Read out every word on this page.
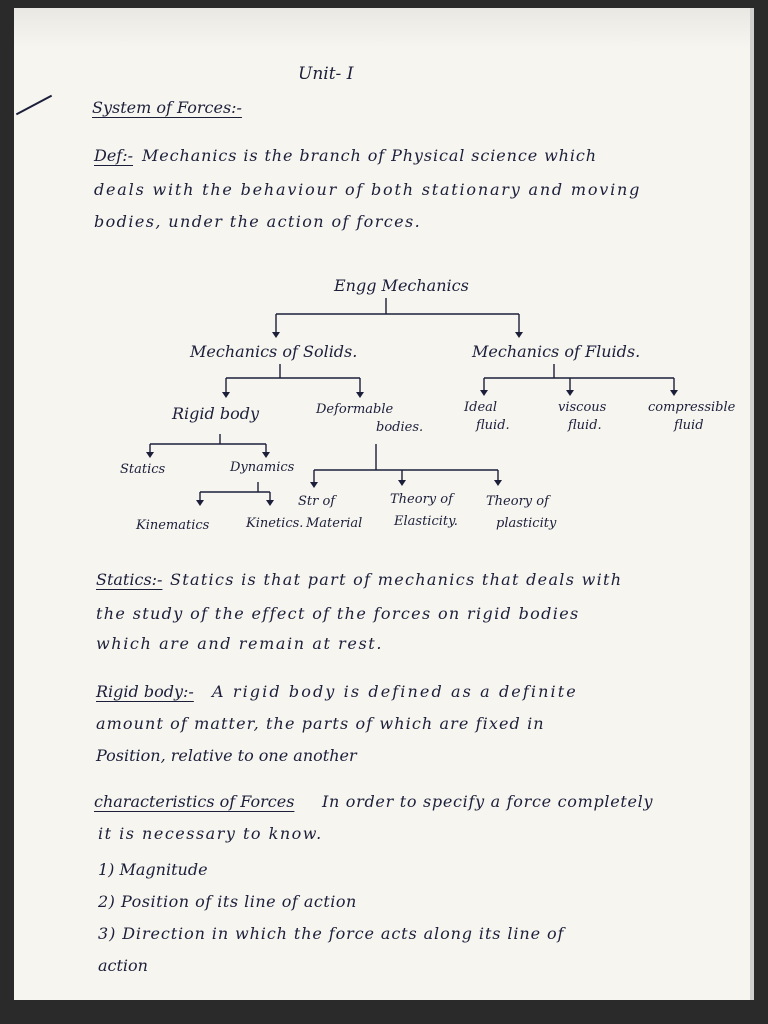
Unit- I
System of Forces:-
Def:- Mechanics is the branch of Physical science which
deals with the behaviour of both stationary and moving
bodies, under the action of forces.
Engg Mechanics
Mechanics of Solids.	Mechanics of Fluids.
Rigid body	Deformable
bodies.
Ideal
fluid.
viscous
fluid.
compressible
fluid
Statics	Dynamics
Kinematics	Kinetics.
Str of
Material
Theory of
Elasticity.
Theory of
plasticity
Statics:- Statics is that part of mechanics that deals with
the study of the effect of the forces on rigid bodies
which are and remain at rest.
Rigid body:- A rigid body is defined as a definite
amount of matter, the parts of which are fixed in
Position, relative to one another
characteristics of Forces In order to specify a force completely
it is necessary to know.
1) Magnitude
2) Position of its line of action
3) Direction in which the force acts along its line of
action
